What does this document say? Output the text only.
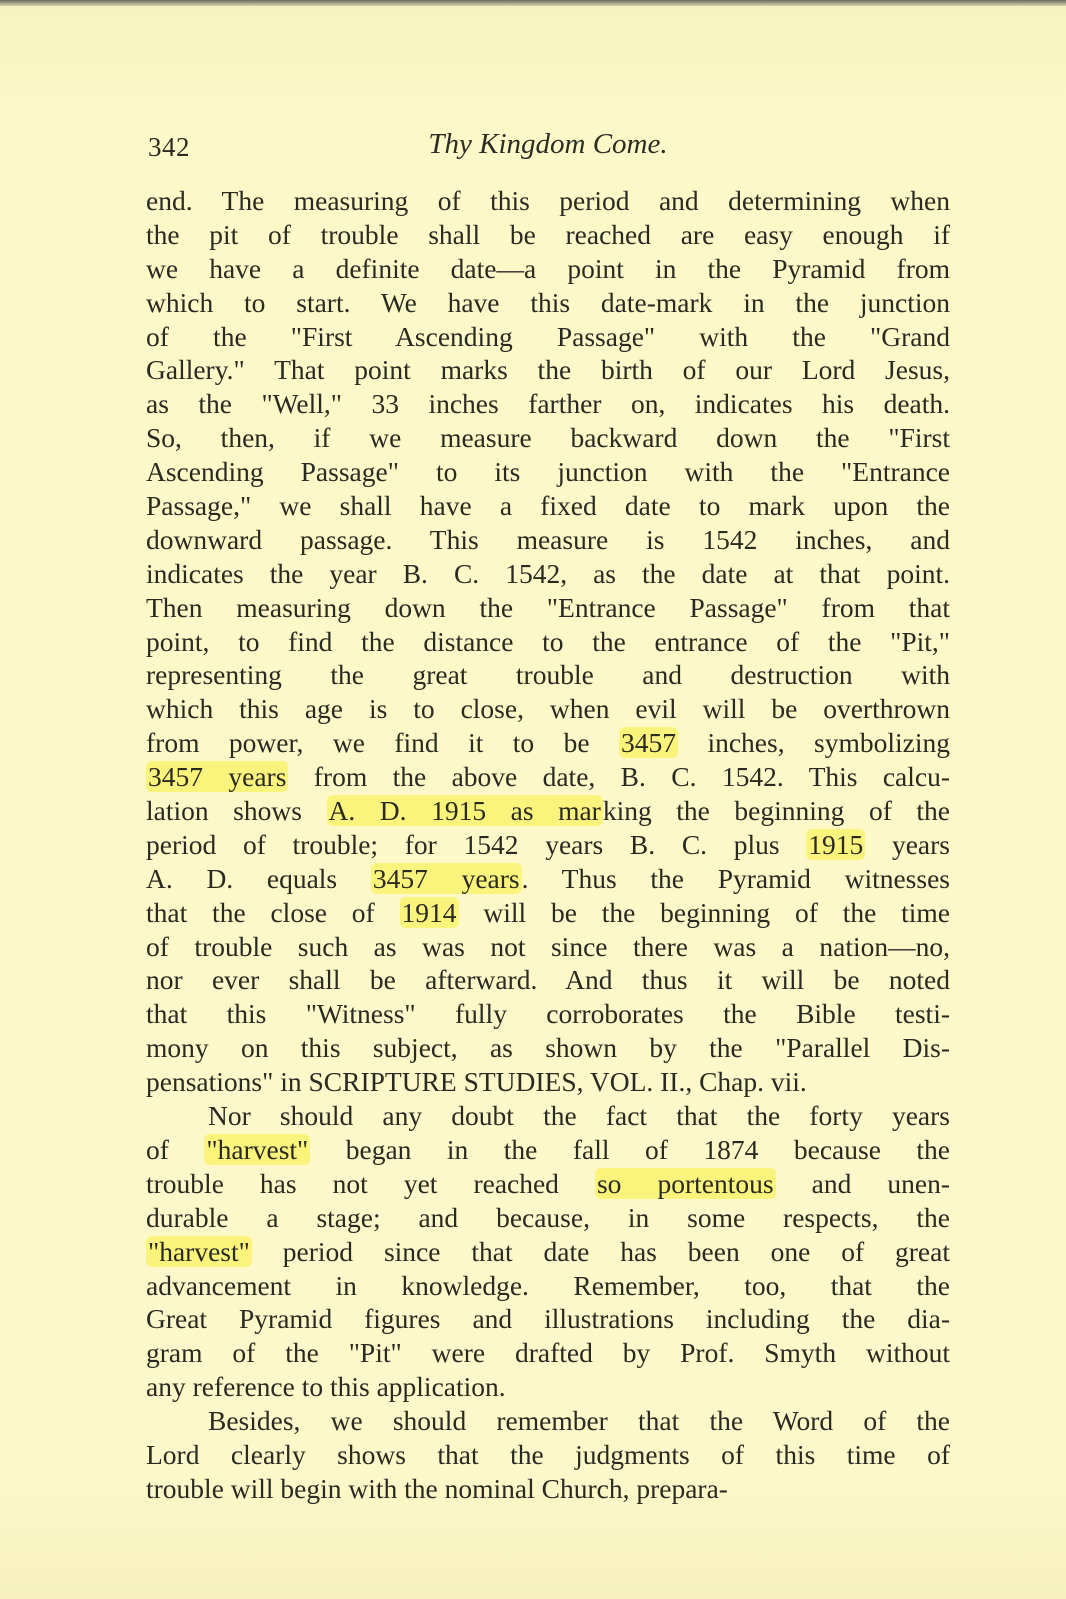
342	Thy Kingdom Come.
end. The measuring of this period and determining when
the pit of trouble shall be reached are easy enough if
we have a definite date—a point in the Pyramid from
which to start. We have this date-mark in the junction
of the "First Ascending Passage" with the "Grand
Gallery." That point marks the birth of our Lord Jesus,
as the "Well," 33 inches farther on, indicates his death.
So, then, if we measure backward down the "First
Ascending Passage" to its junction with the "Entrance
Passage," we shall have a fixed date to mark upon the
downward passage. This measure is 1542 inches, and
indicates the year B. C. 1542, as the date at that point.
Then measuring down the "Entrance Passage" from that
point, to find the distance to the entrance of the "Pit,"
representing the great trouble and destruction with
which this age is to close, when evil will be overthrown
from power, we find it to be 3457 inches, symbolizing
3457 years from the above date, B. C. 1542. This calcu-
lation shows A. D. 1915 as marking the beginning of the
period of trouble; for 1542 years B. C. plus 1915 years
A. D. equals 3457 years. Thus the Pyramid witnesses
that the close of 1914 will be the beginning of the time
of trouble such as was not since there was a nation—no,
nor ever shall be afterward. And thus it will be noted
that this "Witness" fully corroborates the Bible testi-
mony on this subject, as shown by the "Parallel Dis-
pensations" in SCRIPTURE STUDIES, VOL. II., Chap. vii.
Nor should any doubt the fact that the forty years
of "harvest" began in the fall of 1874 because the
trouble has not yet reached so portentous and unen-
durable a stage; and because, in some respects, the
"harvest" period since that date has been one of great
advancement in knowledge. Remember, too, that the
Great Pyramid figures and illustrations including the dia-
gram of the "Pit" were drafted by Prof. Smyth without
any reference to this application.
Besides, we should remember that the Word of the
Lord clearly shows that the judgments of this time of
trouble will begin with the nominal Church, prepara-
